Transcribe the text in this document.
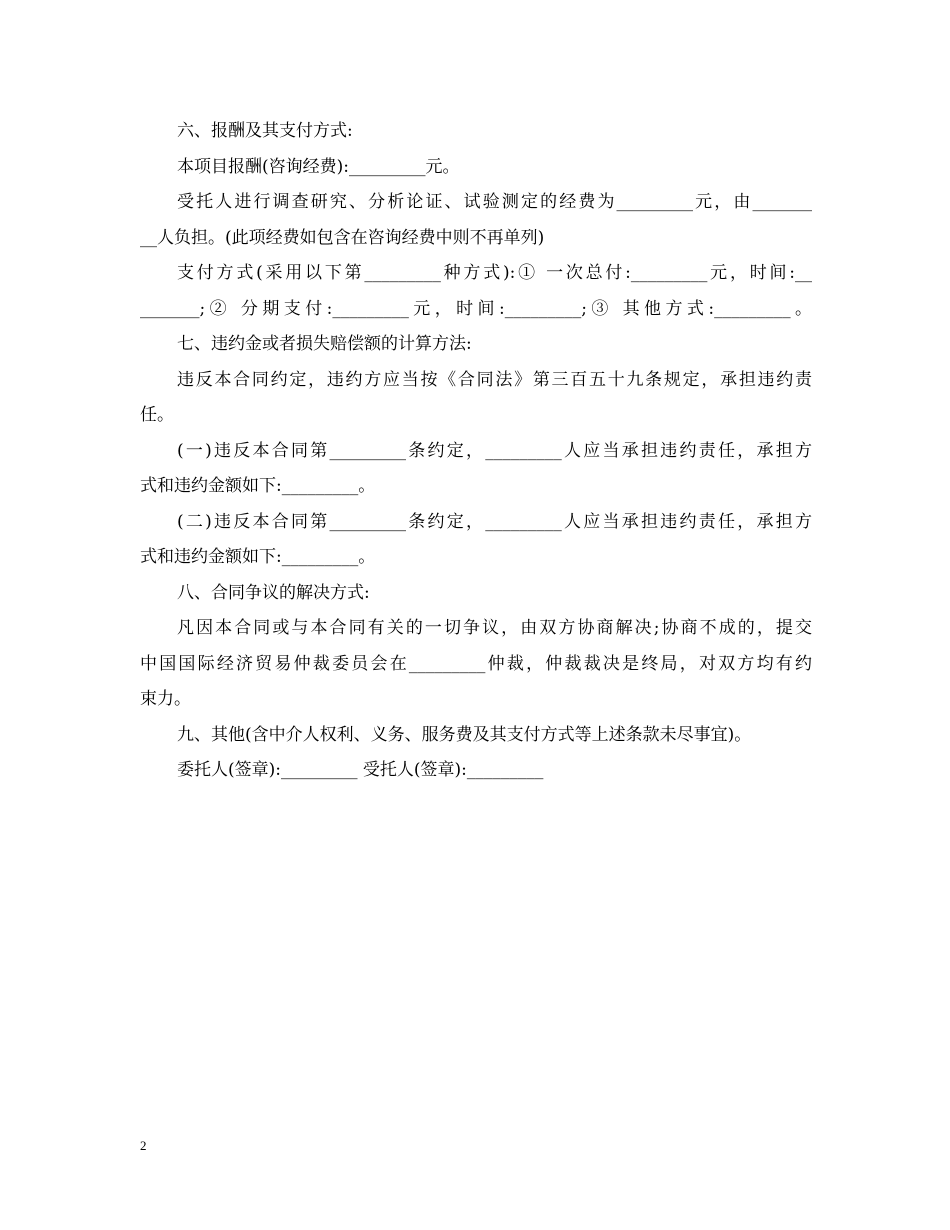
六、报酬及其支付方式:
本项目报酬(咨询经费):_________元。
受托人进行调查研究、分析论证、试验测定的经费为_________元，由_______
__人负担。(此项经费如包含在咨询经费中则不再单列)
支付方式(采用以下第_________种方式):① 一次总付:_________元，时间:__
_______;② 分期支付:_________元，时间:_________;③ 其他方式:_________。
七、违约金或者损失赔偿额的计算方法:
违反本合同约定，违约方应当按《合同法》第三百五十九条规定，承担违约责
任。
(一)违反本合同第_________条约定，_________人应当承担违约责任，承担方
式和违约金额如下:_________。
(二)违反本合同第_________条约定，_________人应当承担违约责任，承担方
式和违约金额如下:_________。
八、合同争议的解决方式:
凡因本合同或与本合同有关的一切争议，由双方协商解决;协商不成的，提交
中国国际经济贸易仲裁委员会在_________仲裁，仲裁裁决是终局，对双方均有约
束力。
九、其他(含中介人权利、义务、服务费及其支付方式等上述条款未尽事宜)。
委托人(签章):_________ 受托人(签章):_________
2
